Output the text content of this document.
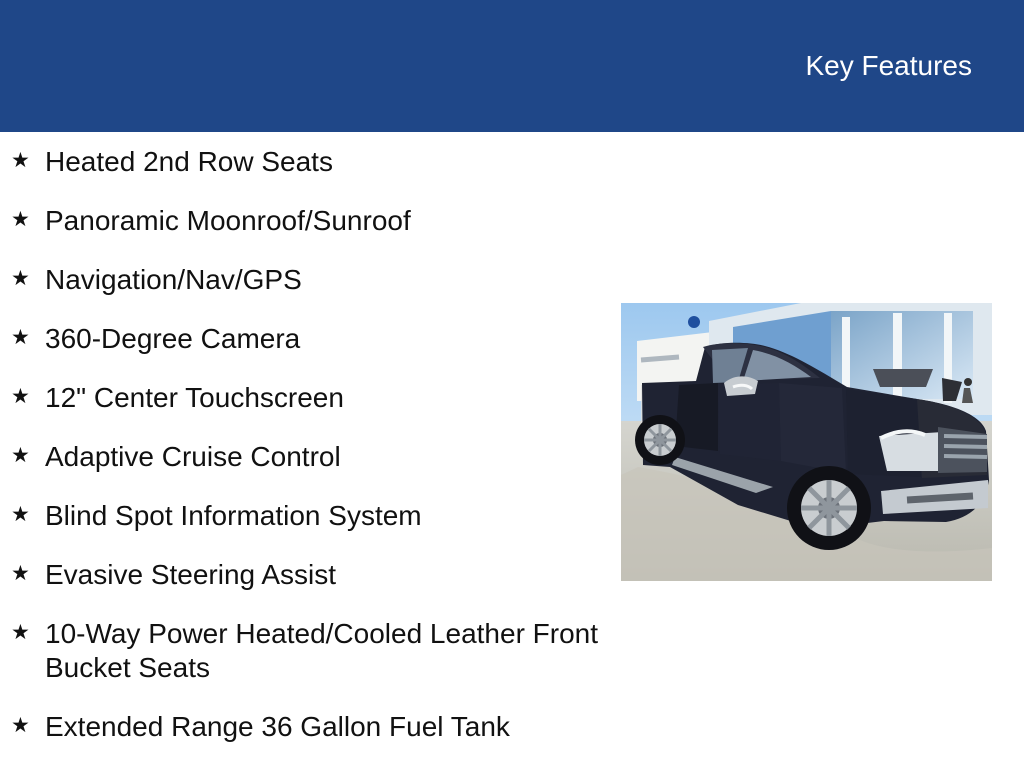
Key Features
★ Heated 2nd Row Seats
★ Panoramic Moonroof/Sunroof
★ Navigation/Nav/GPS
★ 360-Degree Camera
★ 12" Center Touchscreen
★ Adaptive Cruise Control
★ Blind Spot Information System
★ Evasive Steering Assist
★ 10-Way Power Heated/Cooled Leather Front Bucket Seats
★ Extended Range 36 Gallon Fuel Tank
